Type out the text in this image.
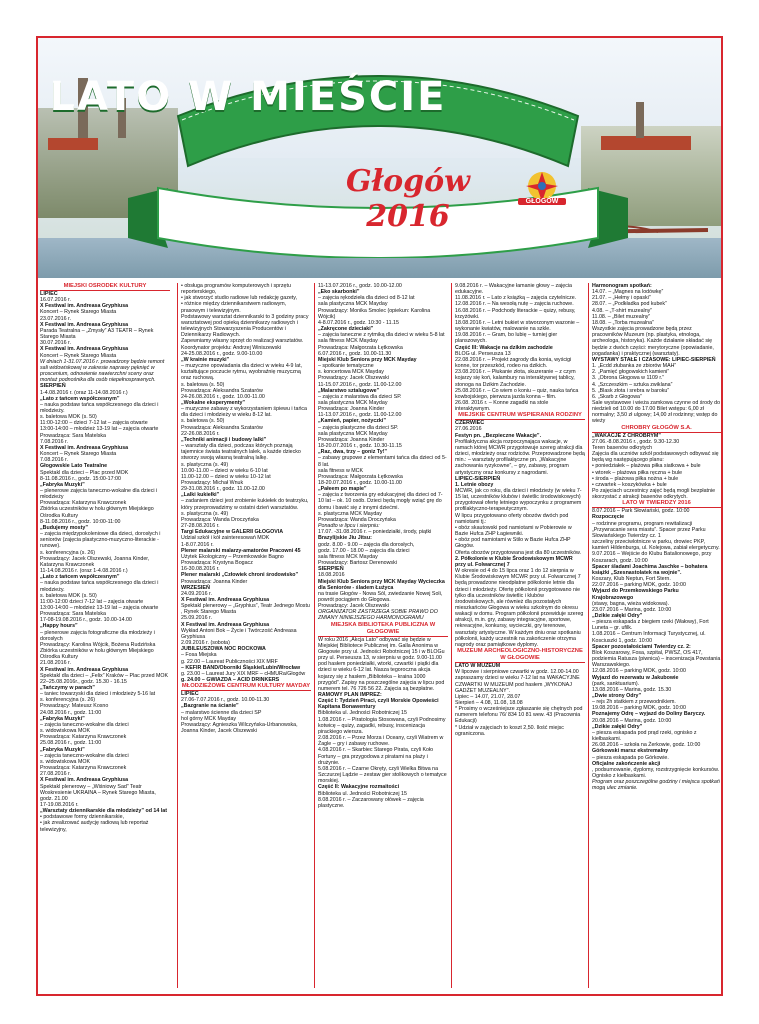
LATO W MIEŚCIE
Głogów 2016	GŁOGÓW

MIEJSKI OŚRODEK KULTURY

LIPIEC

16.07.2016 r.

X Festiwal im. Andreasa Gryphiusa

Koncert – Rynek Starego Miasta

23.07.2016 r.

X Festiwal im. Andreasa Gryphiusa

Parada Teatralna – „Zmysły” A3 TEATR – Rynek Starego Miasta

30.07.2016 r.

X Festiwal im. Andreasa Gryphiusa

Koncert – Rynek Starego Miasta

W dniach 1-31.07.2016 r. prowadzony będzie remont sali widowiskowej w zakresie naprawy pęknięć w proscenium, odnowienie nawierzchni sceny oraz montaż podnośnika dla osób niepełnosprawnych.

SIERPIEŃ

1-4.08.2016 r. (oraz 11-14.08.2016 r.)

„Lato z tańcem współczesnym”

– nauka podstaw tańca współczesnego dla dzieci i młodzieży.

s. baletowa MOK (s. 50)

11:00-12:00 – dzieci 7-12 lat – zajęcia otwarte

13:00-14:00 – młodzież 13-19 lat – zajęcia otwarte

Prowadząca: Sara Matelska

7.08.2016 r.

X Festiwal im. Andreasa Gryphiusa

Koncert – Rynek Starego Miasta

7.08.2016 r.

Głogowskie Lato Teatralne

Spektakl dla dzieci – Plac przed MOK

8-11.08.2016 r., godz. 15:00-17:00

„Fabryka Muzyki”

– plenerowe zajęcia taneczno-wokalne dla dzieci i młodzieży

Prowadząca: Katarzyna Krawczonek

Zbiórka uczestników w holu głównym Miejskiego Ośrodka Kultury

8-11.08.2016 r., godz. 10:00-11:00

„Budujemy mosty”

– zajęcia międzypokoleniowe dla dzieci, dorosłych i seniorów (zajęcia plastyczno-muzyczno-literackie -runowe).

s. konferencyjna (s. 26)

Prowadzący: Jacek Olszewski, Joanna Kinder, Katarzyna Krawczonek

11-14.08.2016 r. (oraz 1-4.08.2016 r.)

„Lato z tańcem współczesnym”

– nauka podstaw tańca współczesnego dla dzieci i młodzieży.

s. baletowa MOK (s. 50)

11:00-12:00 dzieci 7-12 lat – zajęcia otwarte

13:00-14:00 – młodzież 13-19 lat – zajęcia otwarte

Prowadząca: Sara Matelska

17-08-19.08.2016 r., godz. 10.00-14.00

„Happy hours”

– plenerowe zajęcia fotograficzne dla młodzieży i dorosłych

Prowadzący: Karolina Wójcik, Bożena Rudzińska

Zbiórka uczestników w holu głównym Miejskiego Ośrodka Kultury

21.08.2016 r.

X Festiwal im. Andreasa Gryphiusa

Spektakl dla dzieci – „Felix” Kraków – Plac przed MOK

22–25.08.2016r., godz. 15.30 - 16.15

„Tańczymy w parach”

– taniec towarzyski dla dzieci i młodzieży 5-16 lat

s. konferencyjna (s. 26)

Prowadzący: Mateusz Kosno

24.08.2016 r., godz. 11:00

„Fabryka Muzyki”

– zajęcia taneczno-wokalne dla dzieci

s. widowiskowa MOK

Prowadząca: Katarzyna Krawczonek

25.08.2016 r., godz. 11:00

„Fabryka Muzyki”

– zajęcia taneczno-wokalne dla dzieci

s. widowiskowa MOK

Prowadząca: Katarzyna Krawczonek

27.08.2016 r.

X Festiwal im. Andreasa Gryphiusa

Spektakl plenerowy – „Wiśniowy Sad” Teatr Woskresienie UKRAINA – Rynek Starego Miasta, godz. 21.00

17-19.08.2016 r.

„Warsztaty dziennikarskie dla młodzieży” od 14 lat

• podstawowe formy dziennikarskie,

• jak zrealizować audycję radiową lub reportaż telewizyjny,

• obsługa programów komputerowych i sprzętu reporterskiego,

• jak stworzyć studio radiowe lub redakcję gazety,

• różnice między dziennikarstwem radiowym, prasowym i telewizyjnym.

Podstawowy warsztat dziennikarski to 3 godziny pracy warsztatowej pod opieką dziennikarzy radiowych i telewizyjnych Stowarzyszenia Producentów i Dziennikarzy Radiowych.

Zapewniamy własny sprzęt do realizacji warsztatów.

Koordynator projektu: Andrzej Winiszewski

24-25.08.2016 r., godz. 9.00-10.00

„W krainie muzyki”

– muzyczne opowiadania dla dzieci w wieku 4-9 lat, kształtujące poczucie rytmu, wyobraźnię muzyczną oraz ruchową.

s. baletowa (s. 50)

Prowadząca: Aleksandra Szatarów

24-26.08.2016 r., godz. 10.00-11.00

„Wokalne eksperymenty”

– muzyczne zabawy z wykorzystaniem śpiewu i tańca dla dzieci i młodzieży w wieku 8-12 lat.

s. baletowa (s. 50)

Prowadząca: Aleksandra Szatarów

22-26.08.2016 r.

„Techniki animacji i budowy lalki”

– warsztaty dla dzieci, podczas których poznają tajemnice świata teatralnych lalek, a każde dziecko stworzy swoją własną teatralną lalkę.

s. plastyczna (s. 49)

10.00-11.00 – dzieci w wieku 6-10 lat

11.00-12.00 – dzieci w wieku 10-12 lat

Prowadzący: Michał Wnuk

29-31.08.2016 r., godz. 11.00-12.00

„Lalki kukiełki”

– zadaniem dzieci jest zrobienie kukiełek do teatrzyku, który przeprowadzimy w ostatni dzień warsztatów.

s. plastyczna (s. 49)

Prowadząca: Wanda Droczyńska

27-28.08.2016 r.

Targi Edukacyjne w GALERII GŁOGOVIA

Udział szkół i kół zainteresowań MOK

1-8.07.2016 r.

Plener malarski malarzy-amatorów Pracowni 45

Użytek Ekologiczny – Przemkowskie Bagno

Prowadząca: Krystyna Bogacz

16-30.08.2016 r.

Plener malarski „Człowiek chroni środowisko”

Prowadząca: Joanna Kinder

WRZESIEŃ

24.09.2016 r.

X Festiwal im. Andreasa Gryphiusa

Spektakl plenerowy – „Gryphius”, Teatr Jednego Mostu , Rynek Starego Miasta

25.09.2016 r.

X Festiwal im. Andreasa Gryphiusa

Wykład Antoni Bok – Życie i Twórczość Andreasa Gryphiusa

2.09.2016 r. (sobota)

JUBILEUSZOWA NOC ROCKOWA

– Fosa Miejska

g. 22.00 – Laureat Publiczności XIX MRF

– KEFIR BAND/Oborniki Śląskie/Lubin/Wrocław

g. 23.00 – Laureat Jury XIX MRF – cHMURa/Głogów

g. 24.00 – GWIAZDA – ACID DRINKERS

MŁODZIEŻOWE CENTRUM KULTURY MAYDAY

LIPIEC

27.06-7.07.2016 r., godz. 10.00-11.30

„Bazgranie na ścianie”

– malarstwo ścienne dla dzieci SP

hol górny MCK Mayday

Prowadzący: Agnieszka Wilczyńska-Urbanowska, Joanna Kinder, Jacek Olszewski

11-13.07.2016 r., godz. 10.00-12.00

„Eko skarbonki”

– zajęcia rękodzieła dla dzieci od 8-12 lat

sala plastyczna MCK Mayday

Prowadzący: Monika Smolec (opiekun: Karolina Wójcik)

4-8.07.2016 r., godz. 10:30 - 11.15

„Zakręcone dzieciaki”

– zajęcia taneczne z rytmiką dla dzieci w wieku 5-8 lat

sala fitness MCK Mayday

Prowadząca: Małgorzata Łętkowska

6.07.2016 r., godz. 10.00-11.30

Miejski Klub Seniora przy MCK Mayday

– spotkanie tematyczne

s. koncertowa MCK Mayday

Prowadzący: Jacek Olszewski

11-15.07.2016 r., godz. 11.00-12.00

„Malarstwo sztalugowe”

– zajęcia z malarstwa dla dzieci SP.

sala plastyczna MCK Mayday

Prowadząca: Joanna Kinder

11-13.07.2016 r., godz. 11.00-12.00

„Kamień, papier, nożyczki”

– zajęcia plastyczne dla dzieci SP.

sala plastyczna MCK Mayday

Prowadząca: Joanna Kinder

18-20.07.2016 r., godz. 10.30-11.15

„Raz, dwa, trzy – goniz Ty!”

– zabawy grupowe z elementami tańca dla dzieci od 5-8 lat.

sala fitness w MCK

Prowadząca: Małgorzata Łętkowska

18-20.07.2016 r., godz. 10.00-11.00

„Pałeem po mapie”

– zajęcia z tworzenia gry edukacyjnej dla dzieci od 7-10 lat – ok. 10 osób. Dzieci będą mogły wziąć grę do domu i bawić się z innymi dziećmi.

s. plastyczna MCK Mayday

Prowadząca: Wanda Droczyńska

Ponadto w lipcu i sierpniu:

17.07. -31.08.2016 r. – poniedziałki, środy, piątki

Brazylijskie Jiu Jitsu:

godz. 8.00 - 9.00 – zajęcia dla dorosłych,

godz. 17.00 - 18.00 – zajęcia dla dzieci

sala fitness MCK Mayday

Prowadzący: Bartosz Derenowski

SIERPIEŃ

18.08.2016

Miejski Klub Seniora przy MCK Mayday Wycieczka dla Seniorów - śladem Łużyca

na trasie Głogów - Nowa Sól, zwiedzanie Nowej Soli, powrót pociągiem do Głogowa.

Prowadzący: Jacek Olszewski

ORGANIZATOR ZASTRZEGA SOBIE PRAWO DO ZMIANY NINIEJSZEGO HARMONOGRAMU

MIEJSKA BIBLIOTEKA PUBLICZNA W GŁOGOWIE

W roku 2016 „Akcja Lato” odbywać się będzie w Miejskiej Bibliotece Publicznej im. Galla Anonima w Głogowie przy ul. Jedności Robotniczej 15 i w BLOGu przy ul. Perseusza 13, w sierpniu w godz. 9.00-11.00 pod hasłem poniedziałki, wtorki, czwartki i piątki dla dzieci w wieku 6-12 lat. Nasza tegoroczna akcja kojarzy się z hasłem „Biblioteka – kraina 1000 przygód”. Zapisy na poszczególne zajęcia w lipcu pod numerem tel. 76 726 56 22. Zajęcia są bezpłatne.

RAMOWY PLAN IMPREZ:

Część I: Tydzień Piraci, czyli Morskie Opowieści Kapitana Bonawentury

Biblioteka ul. Jedności Robotniczej 15

1.08.2016 r. – Piratologia Stosowana, czyli Podnosimy kotwicę – quizy, zagadki, rebusy, inscenizacja pirackiego wiersza.

2.08.2016 r. – Przez Morza i Oceany, czyli Wiatrem w Żagle – gry i zabawy ruchowe.

4.08.2016 r. – Skarbiec Starego Pirata, czyli Koło Fortuny – gra przygodowa z piratami na plaży i drużynie.

5.08.2016 r. – Czarne Okręty, czyli Wielka Bitwa na Szczurzej Lądzie – zestaw gier stolikowych o tematyce morskiej.

Część II: Wakacyjne rozmaitości

Biblioteka ul. Jedności Robotniczej 15

8.08.2016 r. – Zaczarowany ołówek – zajęcia plastyczne.

9.08.2016 r. – Wakacyjne łamanie głowy – zajęcia edukacyjne.

11.08.2016 r. – Lato z książką – zajęcia czytelnicze.

12.08.2016 r. – Na wesołą nutę – zajęcia ruchowe.

16.08.2016 r. – Podchody literackie – quizy, rebusy, krzyżówki.

18.08.2016 r. – Letni bukiet w stworzonym wazonie – wykonanie kwiatów, malowanie na szkle.

19.08.2016 r. – Gram, bo lubię – turniej gier planszowych.

Część III: Wakacje na dzikim zachodzie

BLOG ul. Perseusza 13

22.08.2016 r. – Projekt zagrody dla konia, wyścigi konne, tor przeszkód, rodeo na dzikich.

23.08.2016 r. – Płukanie złota, skuzeranie – z czym kojarzy się koń, kalambury na interaktywnej tablicy, stonoga na Dzikim Zachodzie.

25.08.2016 r. – Co wiem o koniu – quiz, nauka tańca kowbojskiego, pierwsza jazda konna – film.

26.08. 2016 r. – Konne zagadki na stole interaktywnym.

MIEJSKIE CENTRUM WSPIERANIA RODZINY

CZERWIEC

27.06.2016

Festyn pn. „Bezpieczne Wakacje”.

Profilaktyczna akcja rozpoczynająca wakacje, w ramach której MCWR przygotowuje szereg atrakcji dla dzieci, młodzieży oraz rodziców. Przeprowadzone będą min.: – warsztaty profilaktyczne pn. „Wakacyjne zachowania ryzykowne”, – gry, zabawy, program artystyczny oraz konkursy z nagrodami.

LIPIEC-SIERPIEŃ

1. Letnie obozy

MCWR, jak co roku, dla dzieci i młodzieży (w wieku 7-15 lat, uczestników klubów i świetlic środowiskowych) przygotował ofertę letniego wypoczynku z programem profilaktyczno-terapeutycznym.

W lipcu przygotowano oferty obozów dwóch pod namiotami tj.:

• obóz skautowski pod namiotami w Pobierowie w Bazie Hufca ZHP Łagiewniki.

• obóz pod namiotami w Stilo w Bazie Hufca ZHP Głogów.

Oferta obozów przygotowana jest dla 80 uczestników.

2. Półkolonie w Klubie Środowiskowym MCWR przy ul. Folwarcznej 7

W okresie od 4 do 15 lipca oraz 1 do 12 sierpnia w Klubie Środowiskowym MCWR przy ul. Folwarcznej 7 będą prowadzone nieodpłatne półkolonie letnie dla dzieci i młodzieży. Ofertę półkolonii przygotowano nie tylko dla uczestników świetlic i klubów środowiskowych, ale również dla pozostałych mieszkańców Głogowa w wieku szkolnym do okresu wakacji w domu. Program półkolonii przewiduje szereg atrakcji, m.in. gry, zabawy integracyjne, sportowe, rekreacyjne, konkursy, wycieczki, gry terenowe, warsztaty artystyczne. W każdym dniu oraz spotkaniu półkolonii, każdy uczestnik na zakończenie otrzyma nagrody oraz pamiątkowe dyplomy.

MUZEUM ARCHEOLOGICZNO-HISTORYCZNE W GŁOGOWIE

LATO W MUZEUM

W lipcowe i sierpniowe czwartki w godz. 12.00-14.00 zapraszamy dzieci w wieku 7-12 lat na WAKACYJNE CZWARTKI W MUZEUM pod hasłem „WYKONAJ GADŻET MUZEALNY”.

Lipiec – 14.07, 21.07, 28.07

Sierpień – 4.08, 11.08, 18.08

* Prosimy o wcześniejsze zgłaszanie się chętnych pod numerem telefonu 76/ 834 10 81 wew. 43 (Pracownia Edukacji)

* Udział w zajęciach to koszt 2,50. Ilość miejsc ograniczona.

Harmonogram spotkań:

14.07. – „Magnes na lodówkę”

21.07. – „Hełmy i opaski”

28.07. – „Podkładka pod kubek”

4.08. – „T-shirt muzealny”

11.08. – „Bilet muzealny”

18.08. – „Torba muzealna”

Wszystkie zajęcia prowadzone będą przez pracowników Muzeum (np. plastyka, etnologa, archeologa, historyka). Każde działanie składać się będzie z dwóch części: merytoryczne (opowiadanie, pogadanka) i praktycznej (warsztaty).

WYSTAWY STAŁE I CZASOWE: LIPIEC-SIERPIEŃ

1. „Ecdd złubanka ze zbiorów MAH”

2. „Pamięć głogowskich kamieni”

3. „Obrona Głogowa w 1109 r.”

4. „Szczeszkim – sztuka zwiklana”

5. „Blask złota i srebra w baroku”

6. „Skarb z Głogowa”

Sale wystawowe i wieża zamkowa czynne od środy do niedzieli od 10.00 do 17.00 Bilet wstępu: 6,00 zł normalny; 3,50 zł ulgowy; 14,00 zł rodzinny; wstęp do wieży

CHROBRY GŁOGÓW S.A.

„WAKACJE Z CHROBRYM”

27.06.-8.08.2016 r., godz. 9.30-12.30

Teren basenów odkrytych

Zajęcia dla uczniów szkół podstawowych odbywać się będą wg następującego planu:

• poniedziałek – plażowa piłka siatkowa + bule

• wtorek – plażowa piłka ręczna + bule

• środa – plażowa piłka nożna + bule

• czwartek – koszykówka + bule

Po zajęciach uczestnicy zajęć będą mogli bezpłatnie skorzystać z atrakcji basenów odkrytych.

LATO W TWIERDZY 2016

8.07.2016 – Park Słowiański, godz. 10:00

Rozpoczęcie

– rodzinne programu, program rewitalizacji „Przywracanie sera miastu”. Spacer przez Parku Słowiańskiego Twierdzy cz. 1

szczeliny przeciwlotnicze w parku, drowiec PKP, kamień Hildenburga, ul. Kolejowa, zabiał elergetyczny.

9.07.2016 – Wejście do Klubu Batalionowego, przy Koszarach, godz. 10:00

Spacer śladami Joachima Jaschke – bohatera książki „Szesnastolatek na wojnie”.

Koszary, Klub Neptun, Fort Stern.

22.07.2016 – parking MOK, godz. 10:00

Wyjazd do Przemkowskiego Parku Krajobrazowego

(stawy, bagna, wieża widokowa).

23.07.2016 – Marina, godz. 10:00

„Dzikie załęki Odry”

– piesza eskapada z biegiem rzeki (Wałowy), Fort Luneta – gr. ufilk.

1.08.2016 – Centrum Informacji Turystycznej, ul. Kosciuszki 1, godz. 10:00

Spacer pozostałościami Twierdzy cz. 2:

Blok Koszarowy, Fosa, szpital, PWSZ, OS 417, podziemia Ratusza (piwnica) – inscenizacja Powstania Warszawskiego.

12.08.2016 – parking MOK, godz. 10:00

Wyjazd do rezerwatu w Jakubowie

(park, sanktuarium).

13.08.2016 – Marina, godz. 15.30

„Dwie strony Odry”

– rejs 2h statkiem z przewodnikiem.

19.08.2016 – parking MOK, godz. 10:00

Poznajemy Odrę – wyjazd do Doliny Baryczy.

20.08.2016 – Marina, godz. 10:00

„Dzikie załęki Odry”

– piesza eskapada pod prąd rzeki, ognisko z kiełbaskami.

26.08.2016 – szkoła na Żerkowie, godz. 10:00

Górkowski marsz ekstremalny

– piesza eskapada po Górkowie.

Oficjalne zakończenie akcji

, podsumowanie, dyplomy, rozstrzygnięcie konkursów. Ognisko z kiełbaskami.

Program oraz poszczególne godziny i miejsca spotkań mogą ulec zmianie.
